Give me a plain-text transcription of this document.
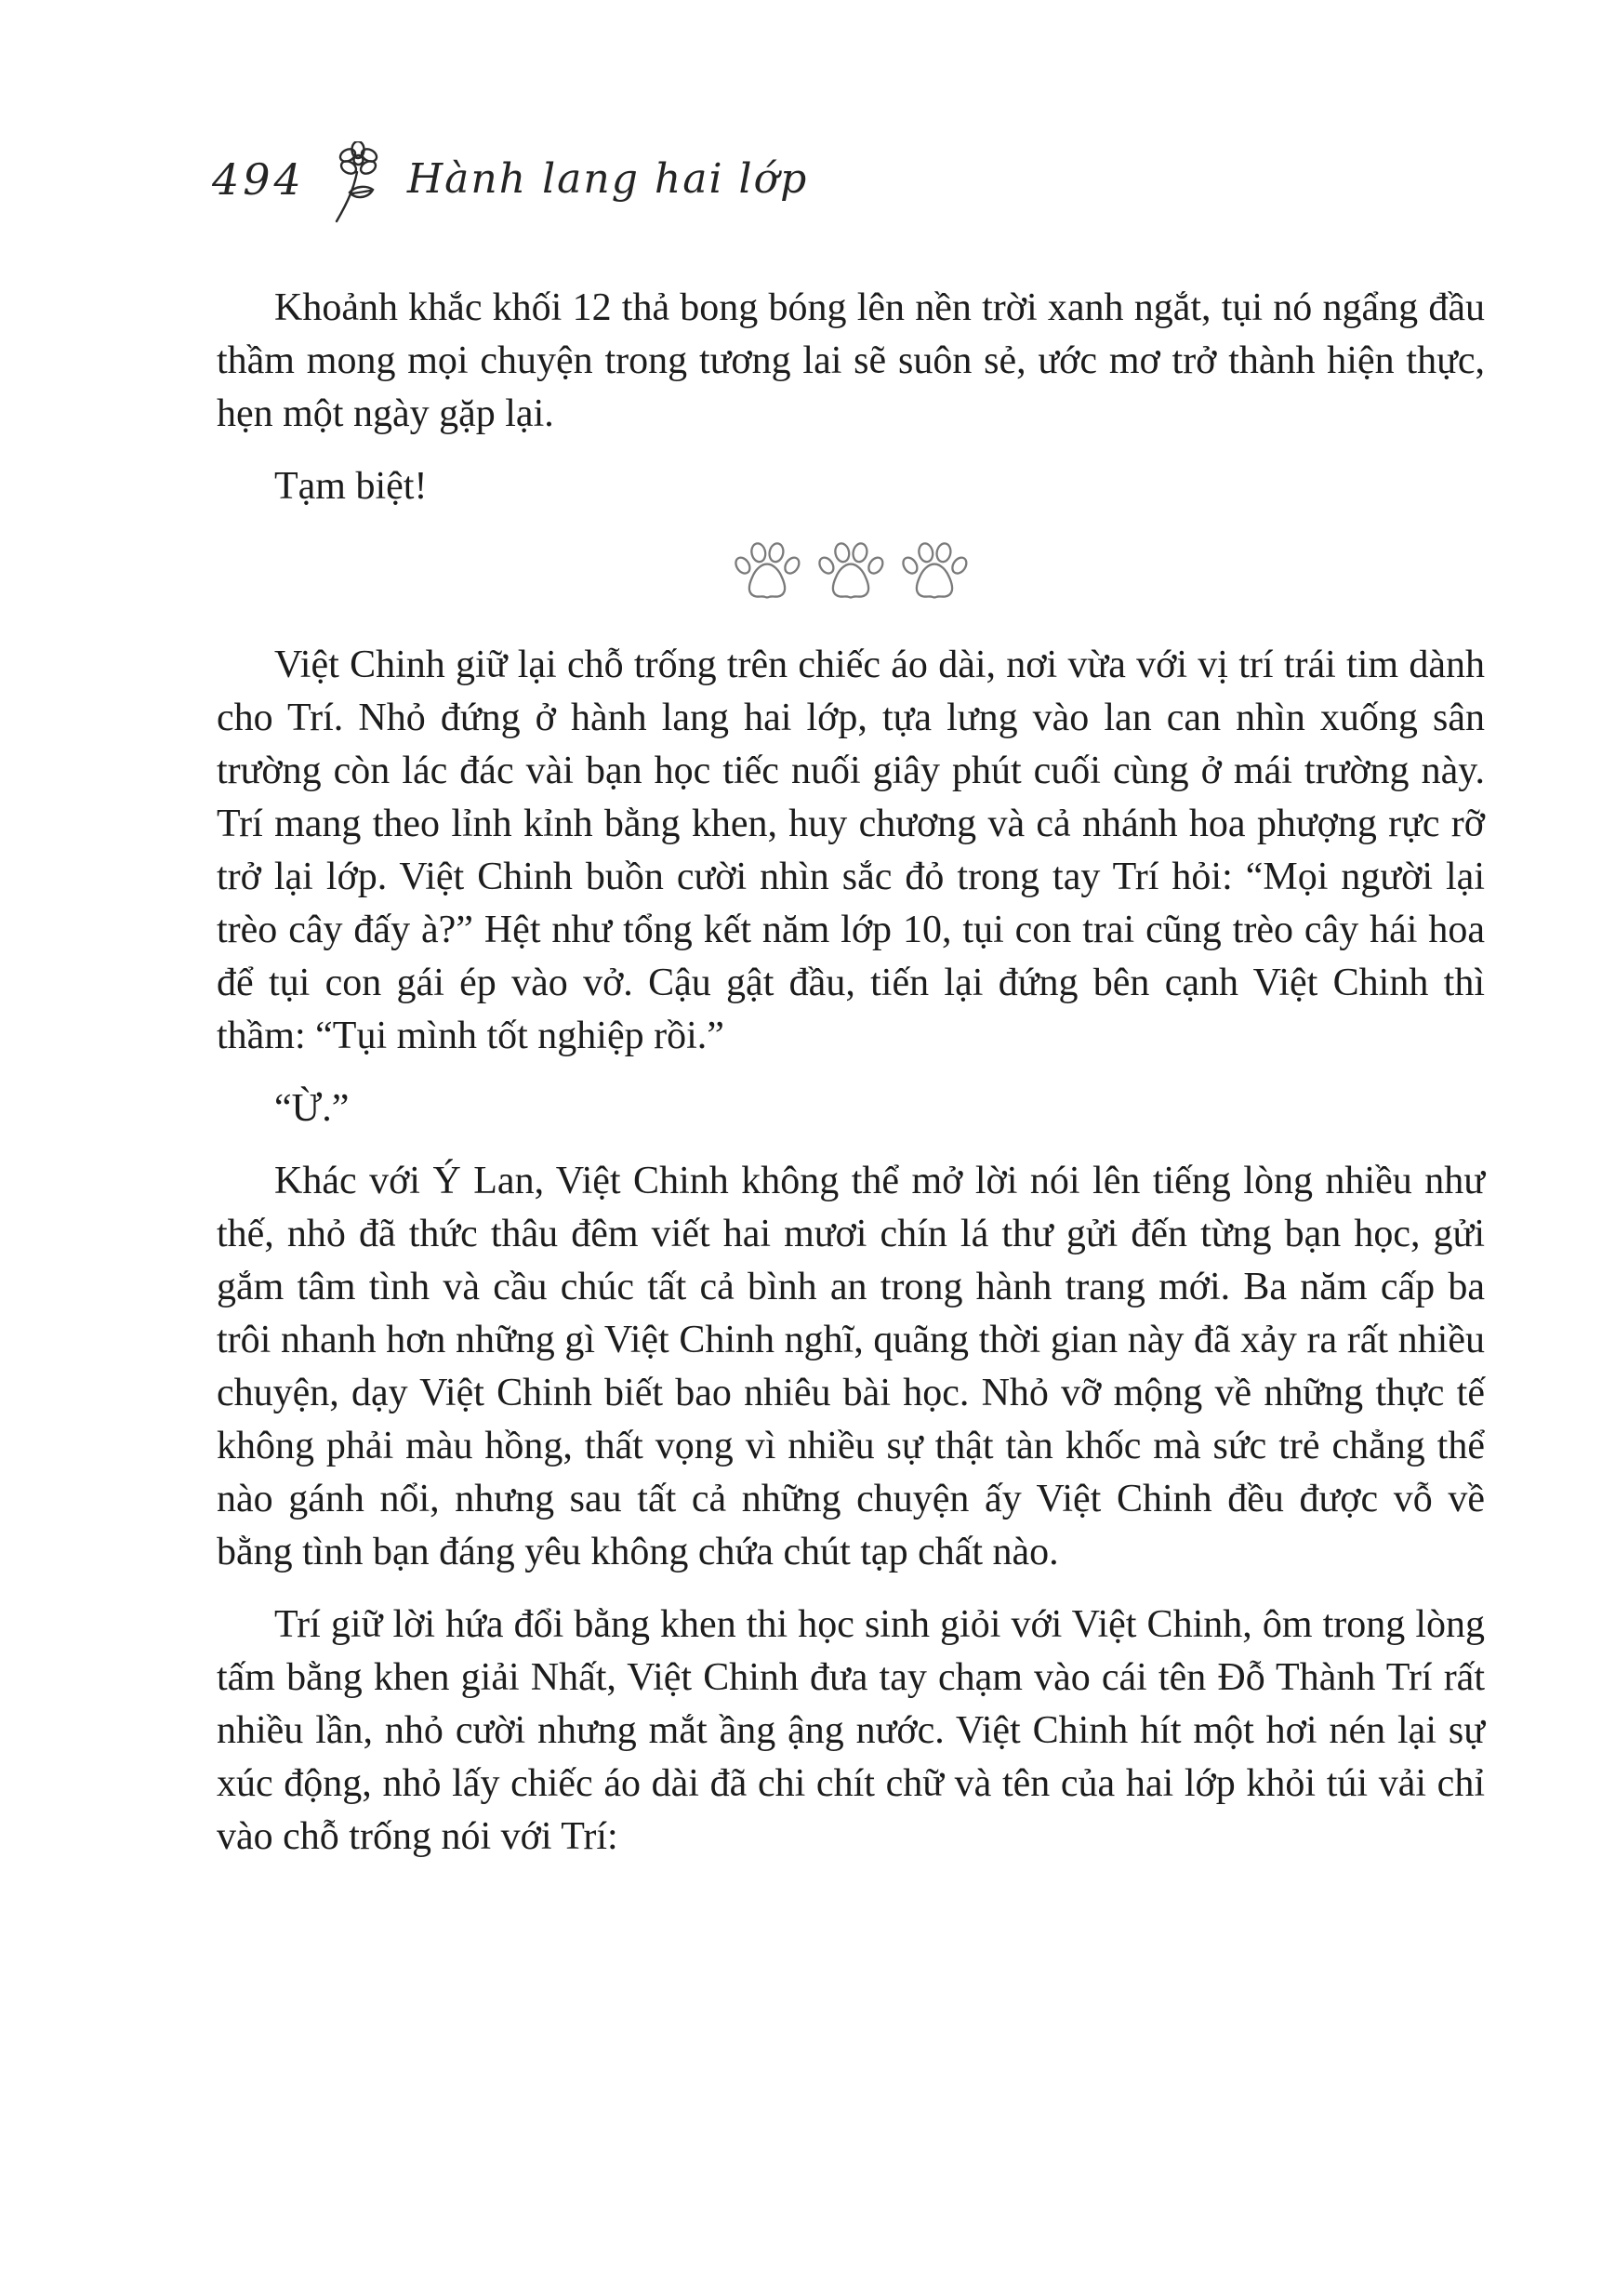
494	Hành lang hai lớp

Khoảnh khắc khối 12 thả bong bóng lên nền trời xanh ngắt, tụi nó ngẩng đầu thầm mong mọi chuyện trong tương lai sẽ suôn sẻ, ước mơ trở thành hiện thực, hẹn một ngày gặp lại.

Tạm biệt!

Việt Chinh giữ lại chỗ trống trên chiếc áo dài, nơi vừa với vị trí trái tim dành cho Trí. Nhỏ đứng ở hành lang hai lớp, tựa lưng vào lan can nhìn xuống sân trường còn lác đác vài bạn học tiếc nuối giây phút cuối cùng ở mái trường này. Trí mang theo lỉnh kỉnh bằng khen, huy chương và cả nhánh hoa phượng rực rỡ trở lại lớp. Việt Chinh buồn cười nhìn sắc đỏ trong tay Trí hỏi: “Mọi người lại trèo cây đấy à?” Hệt như tổng kết năm lớp 10, tụi con trai cũng trèo cây hái hoa để tụi con gái ép vào vở. Cậu gật đầu, tiến lại đứng bên cạnh Việt Chinh thì thầm: “Tụi mình tốt nghiệp rồi.”

“Ừ.”

Khác với Ý Lan, Việt Chinh không thể mở lời nói lên tiếng lòng nhiều như thế, nhỏ đã thức thâu đêm viết hai mươi chín lá thư gửi đến từng bạn học, gửi gắm tâm tình và cầu chúc tất cả bình an trong hành trang mới. Ba năm cấp ba trôi nhanh hơn những gì Việt Chinh nghĩ, quãng thời gian này đã xảy ra rất nhiều chuyện, dạy Việt Chinh biết bao nhiêu bài học. Nhỏ vỡ mộng về những thực tế không phải màu hồng, thất vọng vì nhiều sự thật tàn khốc mà sức trẻ chẳng thể nào gánh nổi, nhưng sau tất cả những chuyện ấy Việt Chinh đều được vỗ về bằng tình bạn đáng yêu không chứa chút tạp chất nào.

Trí giữ lời hứa đổi bằng khen thi học sinh giỏi với Việt Chinh, ôm trong lòng tấm bằng khen giải Nhất, Việt Chinh đưa tay chạm vào cái tên Đỗ Thành Trí rất nhiều lần, nhỏ cười nhưng mắt ầng ậng nước. Việt Chinh hít một hơi nén lại sự xúc động, nhỏ lấy chiếc áo dài đã chi chít chữ và tên của hai lớp khỏi túi vải chỉ vào chỗ trống nói với Trí:
